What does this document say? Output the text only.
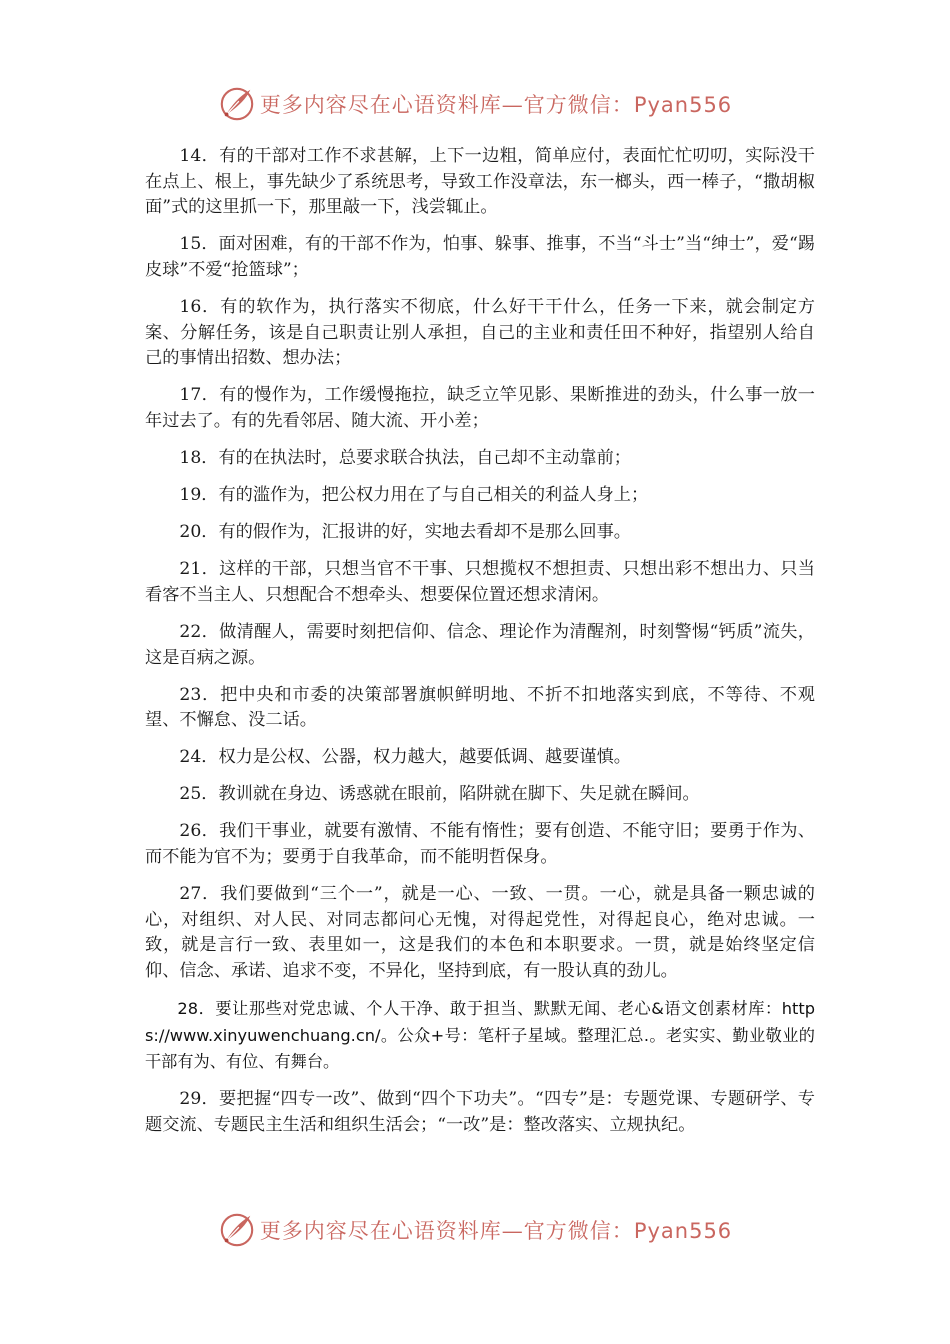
更多内容尽在心语资料库—官方微信：Pyan556

14．有的干部对工作不求甚解，上下一边粗，简单应付，表面忙忙叨叨，实际没干在点上、根上，事先缺少了系统思考，导致工作没章法，东一榔头，西一棒子，“撒胡椒面”式的这里抓一下，那里敲一下，浅尝辄止。

15．面对困难，有的干部不作为，怕事、躲事、推事，不当“斗士”当“绅士”，爱“踢皮球”不爱“抢篮球”；

16．有的软作为，执行落实不彻底，什么好干干什么，任务一下来，就会制定方案、分解任务，该是自己职责让别人承担，自己的主业和责任田不种好，指望别人给自己的事情出招数、想办法；

17．有的慢作为，工作缓慢拖拉，缺乏立竿见影、果断推进的劲头，什么事一放一年过去了。有的先看邻居、随大流、开小差；

18．有的在执法时，总要求联合执法，自己却不主动靠前；

19．有的滥作为，把公权力用在了与自己相关的利益人身上；

20．有的假作为，汇报讲的好，实地去看却不是那么回事。

21．这样的干部，只想当官不干事、只想揽权不想担责、只想出彩不想出力、只当看客不当主人、只想配合不想牵头、想要保位置还想求清闲。

22．做清醒人，需要时刻把信仰、信念、理论作为清醒剂，时刻警惕“钙质”流失，这是百病之源。

23．把中央和市委的决策部署旗帜鲜明地、不折不扣地落实到底，不等待、不观望、不懈怠、没二话。

24．权力是公权、公器，权力越大，越要低调、越要谨慎。

25．教训就在身边、诱惑就在眼前，陷阱就在脚下、失足就在瞬间。

26．我们干事业，就要有激情、不能有惰性；要有创造、不能守旧；要勇于作为、而不能为官不为；要勇于自我革命，而不能明哲保身。

27．我们要做到“三个一”，就是一心、一致、一贯。一心，就是具备一颗忠诚的心，对组织、对人民、对同志都问心无愧，对得起党性，对得起良心，绝对忠诚。一致，就是言行一致、表里如一，这是我们的本色和本职要求。一贯，就是始终坚定信仰、信念、承诺、追求不变，不异化，坚持到底，有一股认真的劲儿。

28．要让那些对党忠诚、个人干净、敢于担当、默默无闻、老心&语文创素材库：https://www.xinyuwenchuang.cn/。公众+号：笔杆子星域。整理汇总.。老实实、勤业敬业的干部有为、有位、有舞台。

29．要把握“四专一改”、做到“四个下功夫”。“四专”是：专题党课、专题研学、专题交流、专题民主生活和组织生活会；“一改”是：整改落实、立规执纪。

更多内容尽在心语资料库—官方微信：Pyan556
